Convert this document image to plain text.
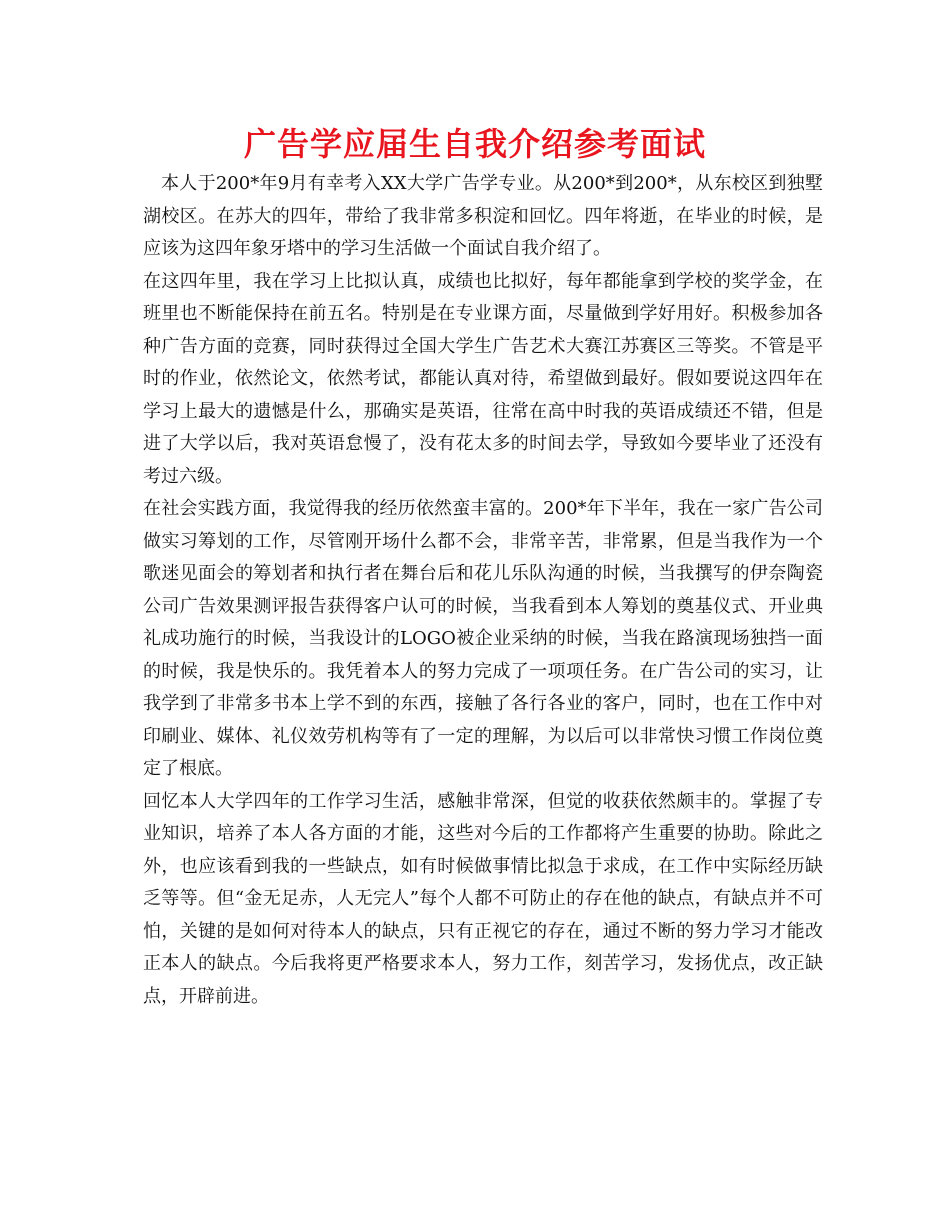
广告学应届生自我介绍参考面试

本人于200*年9月有幸考入XX大学广告学专业。从200*到200*，从东校区到独墅湖校区。在苏大的四年，带给了我非常多积淀和回忆。四年将逝，在毕业的时候，是应该为这四年象牙塔中的学习生活做一个面试自我介绍了。

在这四年里，我在学习上比拟认真，成绩也比拟好，每年都能拿到学校的奖学金，在班里也不断能保持在前五名。特别是在专业课方面，尽量做到学好用好。积极参加各种广告方面的竞赛，同时获得过全国大学生广告艺术大赛江苏赛区三等奖。不管是平时的作业，依然论文，依然考试，都能认真对待，希望做到最好。假如要说这四年在学习上最大的遗憾是什么，那确实是英语，往常在高中时我的英语成绩还不错，但是进了大学以后，我对英语怠慢了，没有花太多的时间去学，导致如今要毕业了还没有考过六级。

在社会实践方面，我觉得我的经历依然蛮丰富的。200*年下半年，我在一家广告公司做实习筹划的工作，尽管刚开场什么都不会，非常辛苦，非常累，但是当我作为一个歌迷见面会的筹划者和执行者在舞台后和花儿乐队沟通的时候，当我撰写的伊奈陶瓷公司广告效果测评报告获得客户认可的时候，当我看到本人筹划的奠基仪式、开业典礼成功施行的时候，当我设计的LOGO被企业采纳的时候，当我在路演现场独挡一面的时候，我是快乐的。我凭着本人的努力完成了一项项任务。在广告公司的实习，让我学到了非常多书本上学不到的东西，接触了各行各业的客户，同时，也在工作中对印刷业、媒体、礼仪效劳机构等有了一定的理解，为以后可以非常快习惯工作岗位奠定了根底。

回忆本人大学四年的工作学习生活，感触非常深，但觉的收获依然颇丰的。掌握了专业知识，培养了本人各方面的才能，这些对今后的工作都将产生重要的协助。除此之外，也应该看到我的一些缺点，如有时候做事情比拟急于求成，在工作中实际经历缺乏等等。但“金无足赤，人无完人”每个人都不可防止的存在他的缺点，有缺点并不可怕，关键的是如何对待本人的缺点，只有正视它的存在，通过不断的努力学习才能改正本人的缺点。今后我将更严格要求本人，努力工作，刻苦学习，发扬优点，改正缺点，开辟前进。
